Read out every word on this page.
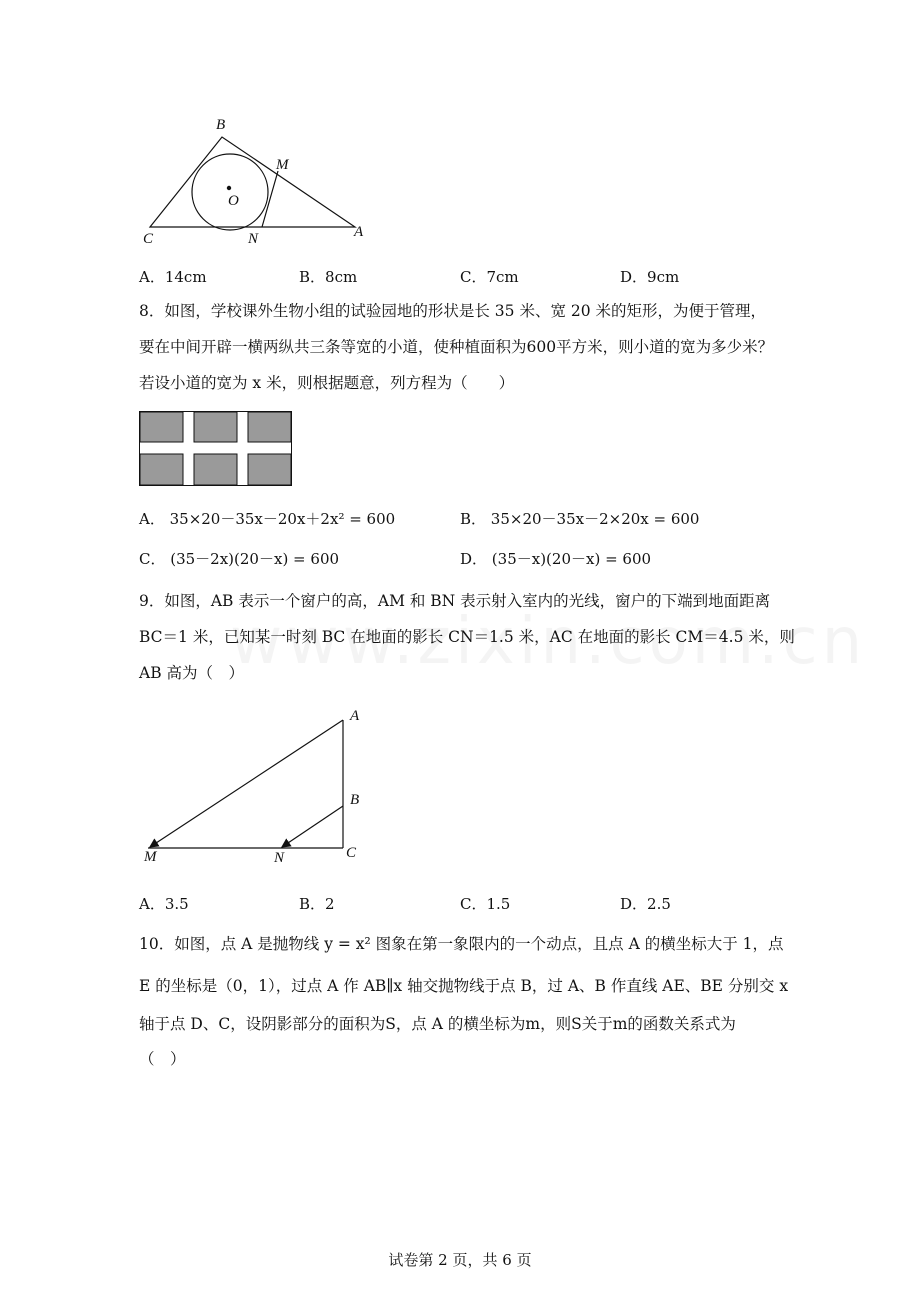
B
M
O
C	N	A
A．14cm	B．8cm	C．7cm	D．9cm
8．如图，学校课外生物小组的试验园地的形状是长 35 米、宽 20 米的矩形，为便于管理，
要在中间开辟一横两纵共三条等宽的小道，使种植面积为600平方米，则小道的宽为多少米？
若设小道的宽为 x 米，则根据题意，列方程为（　　）
A． 35×20－35x－20x＋2x² = 600	B． 35×20－35x－2×20x = 600
C． (35－2x)(20－x) = 600	D． (35－x)(20－x) = 600
9．如图，AB 表示一个窗户的高，AM 和 BN 表示射入室内的光线，窗户的下端到地面距离
BC＝1 米，已知某一时刻 BC 在地面的影长 CN＝1.5 米，AC 在地面的影长 CM＝4.5 米，则
AB 高为（　）
A
B
M	N	C
A．3.5	B．2	C．1.5	D．2.5
10．如图，点 A 是抛物线 y = x² 图象在第一象限内的一个动点，且点 A 的横坐标大于 1，点
E 的坐标是（0，1），过点 A 作 AB∥x 轴交抛物线于点 B，过 A、B 作直线 AE、BE 分别交 x
轴于点 D、C，设阴影部分的面积为S，点 A 的横坐标为m，则S关于m的函数关系式为
（　）
试卷第 2 页，共 6 页
